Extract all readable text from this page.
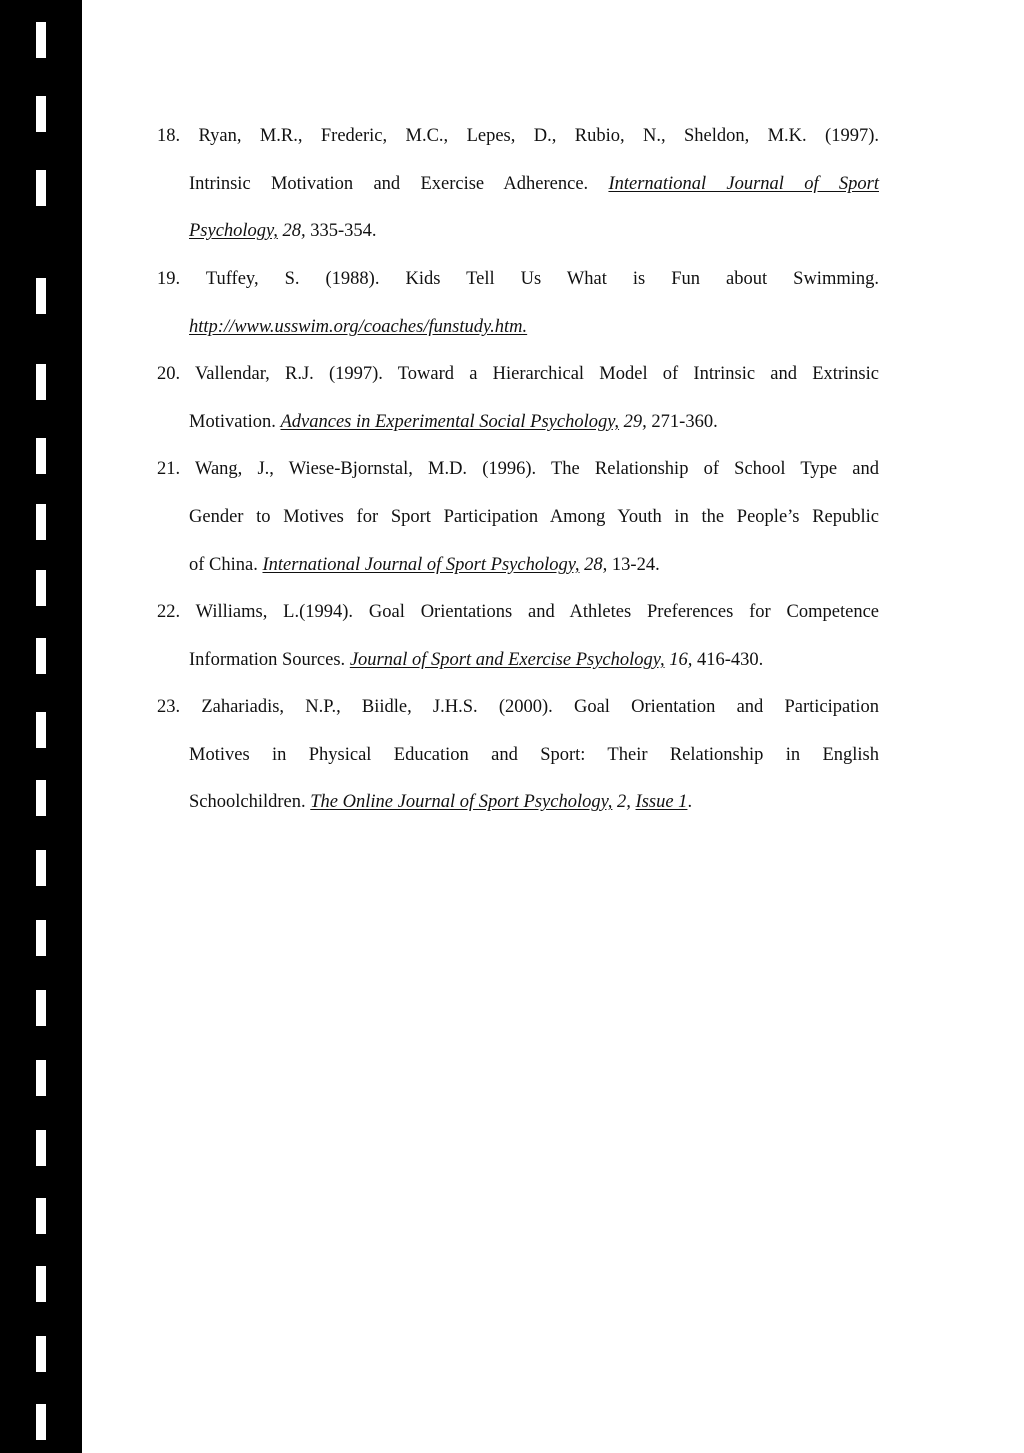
18. Ryan, M.R., Frederic, M.C., Lepes, D., Rubio, N., Sheldon, M.K. (1997).
Intrinsic Motivation and Exercise Adherence. International Journal of Sport
Psychology, 28, 335-354.
19. Tuffey, S. (1988). Kids Tell Us What is Fun about Swimming.
http://www.usswim.org/coaches/funstudy.htm.
20. Vallendar, R.J. (1997). Toward a Hierarchical Model of Intrinsic and Extrinsic
Motivation. Advances in Experimental Social Psychology, 29, 271-360.
21. Wang, J., Wiese-Bjornstal, M.D. (1996). The Relationship of School Type and
Gender to Motives for Sport Participation Among Youth in the People’s Republic
of China. International Journal of Sport Psychology, 28, 13-24.
22. Williams, L.(1994). Goal Orientations and Athletes Preferences for Competence
Information Sources. Journal of Sport and Exercise Psychology, 16, 416-430.
23. Zahariadis, N.P., Biidle, J.H.S. (2000). Goal Orientation and Participation
Motives in Physical Education and Sport: Their Relationship in English
Schoolchildren. The Online Journal of Sport Psychology, 2, Issue 1.
